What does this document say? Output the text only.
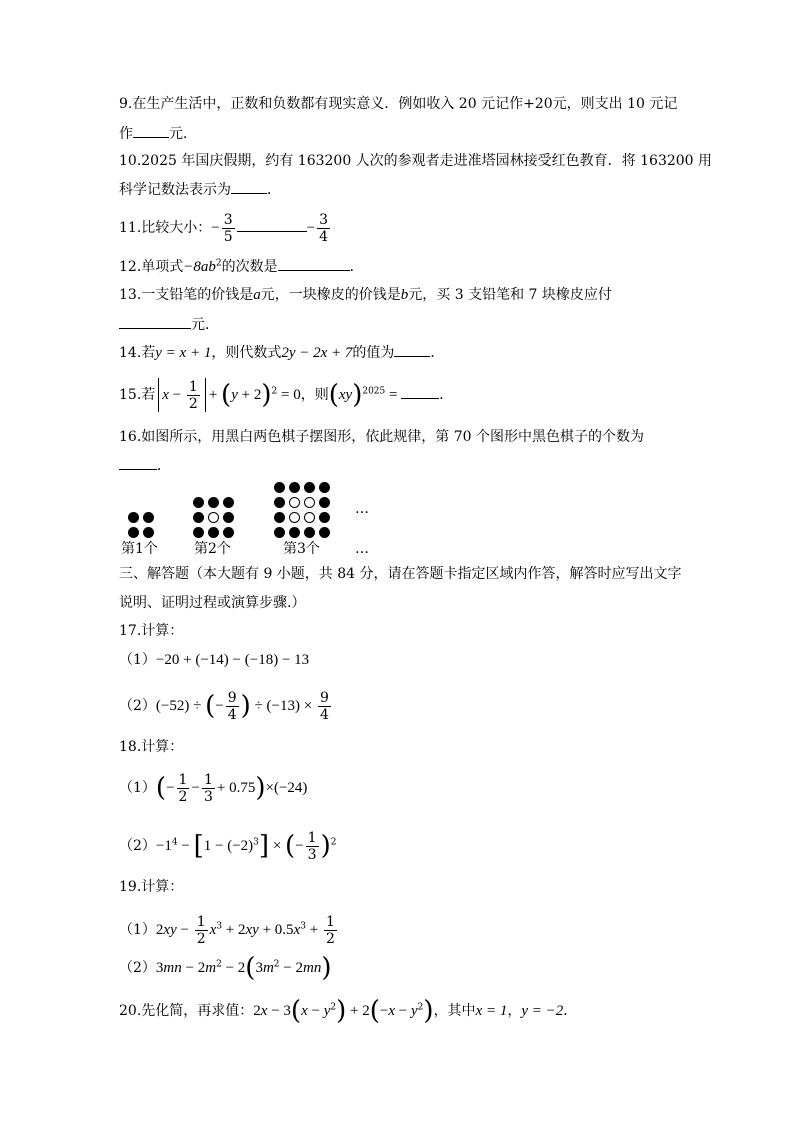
9.在生产生活中，正数和负数都有现实意义．例如收入 20 元记作+20元，则支出 10 元记
作	元．
10.2025 年国庆假期，约有 163200 人次的参观者走进准塔园林接受红色教育．将 163200 用
科学记数法表示为	．
11.比较大小：− $\frac{3}{5}$	− $\frac{3}{4}$
12.单项式$-8ab^2$的次数是	．
13.一支铅笔的价钱是a元，一块橡皮的价钱是b元，买 3 支铅笔和 7 块橡皮应付
元．
14.若y = x + 1，则代数式2y − 2x + 7的值为	．
15.若 $x - \frac{1}{2} + (y + 2)^2 = 0$，则(xy)$^{2025}$ =	．
16.如图所示，用黑白两色棋子摆图形，依此规律，第 70 个图形中黑色棋子的个数为
．
第1个	第2个	第3个
…
…
三、解答题（本大题有 9 小题，共 84 分，请在答题卡指定区域内作答，解答时应写出文字
说明、证明过程或演算步骤.）
17.计算：
（1）−20 + (−14) − (−18) − 13
（2）(−52) ÷ (− $\frac{9}{4}$ ) ÷ $(-13) \times \frac{9}{4}$
18.计算：
$(1)(- \frac{1}{2} - \frac{1}{3} + 0.75)\times(-24)$
$(2)-1^4 - [1 - (-2)^3]$ × (− $\frac{1}{3} )^2$
19.计算：
$(1)2xy - \frac{1}{2} x^3 + 2xy + 0.5x^3 + \frac{1}{2}$
$(2)3mn - 2m^2 - 2(3m^2 - 2mn)$
20.先化简，再求值：$2x - 3(x - y^2) + 2(-x - y^2)$，其中x = 1，y = −2．
